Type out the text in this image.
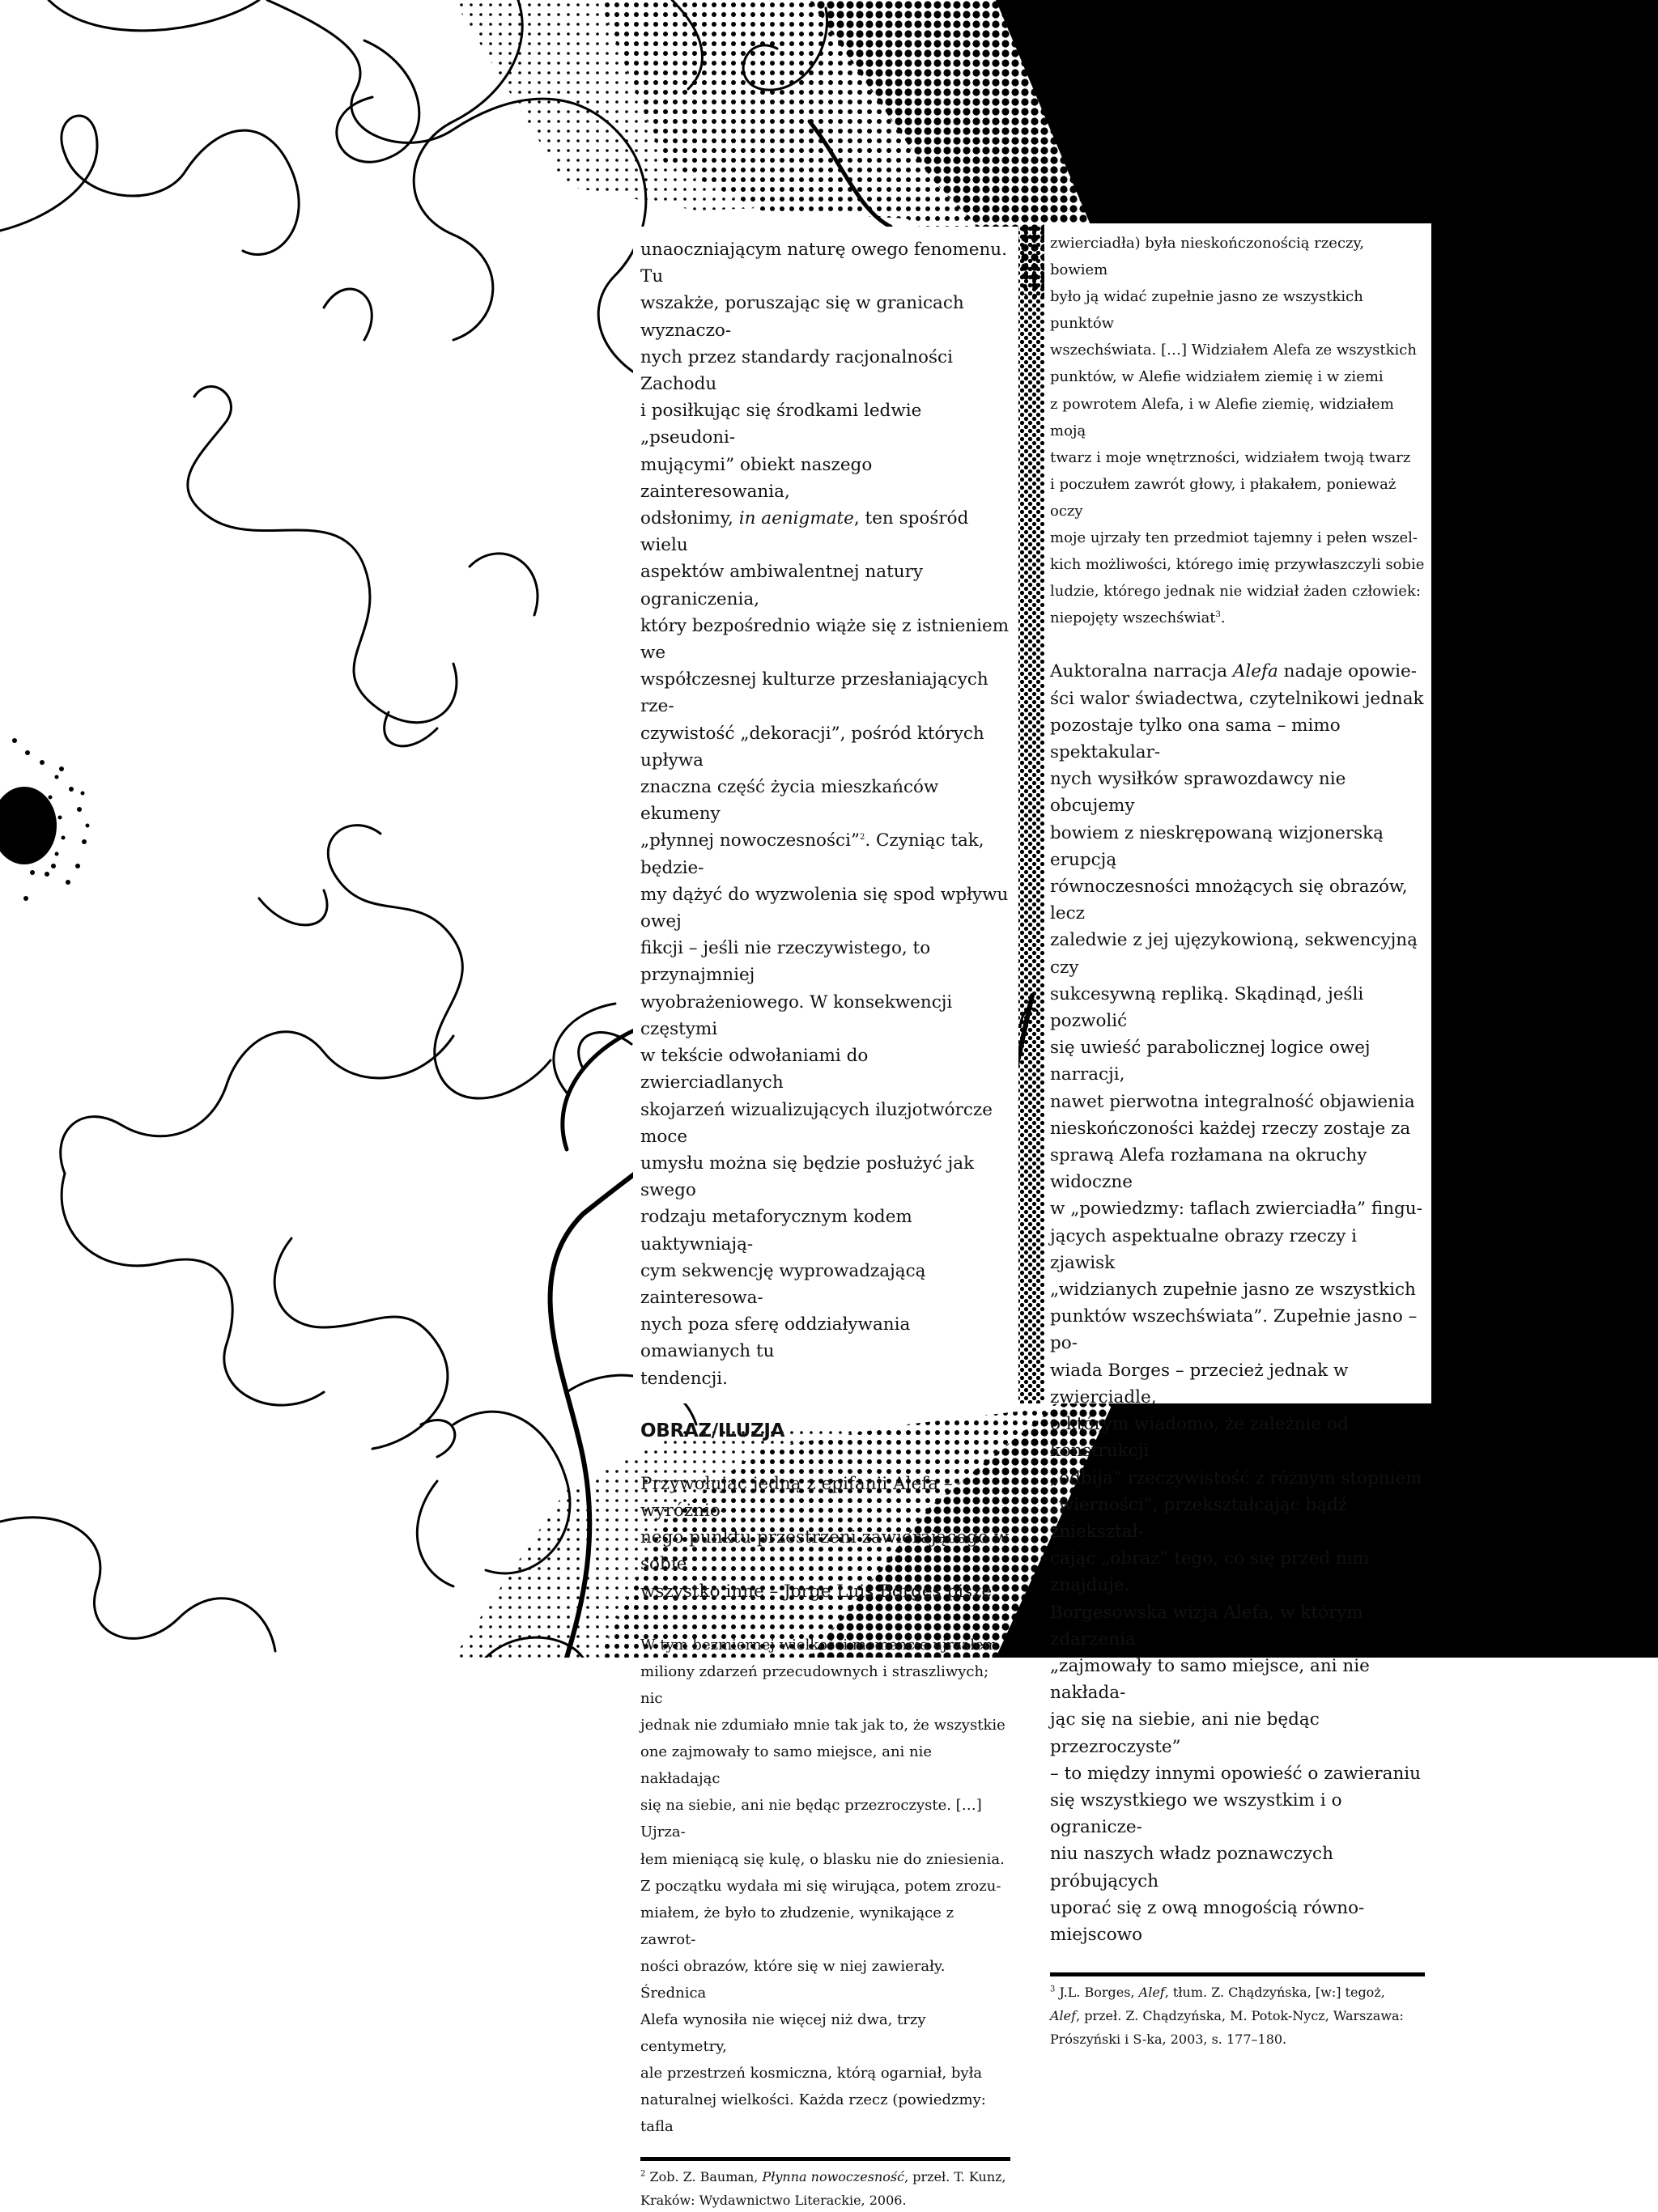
unaoczniającym naturę owego fenomenu. Tu
wszakże, poruszając się w granicach wyznaczo-
nych przez standardy racjonalności Zachodu
i posiłkując się środkami ledwie „pseudoni-
mującymi” obiekt naszego zainteresowania,
odsłonimy, in aenigmate, ten spośród wielu
aspektów ambiwalentnej natury ograniczenia,
który bezpośrednio wiąże się z istnieniem we
współczesnej kulturze przesłaniających rze-
czywistość „dekoracji”, pośród których upływa
znaczna część życia mieszkańców ekumeny
„płynnej nowoczesności”$^2$. Czyniąc tak, będzie-
my dążyć do wyzwolenia się spod wpływu owej
fikcji – jeśli nie rzeczywistego, to przynajmniej
wyobrażeniowego. W konsekwencji częstymi
w tekście odwołaniami do zwierciadlanych
skojarzeń wizualizujących iluzjotwórcze moce
umysłu można się będzie posłużyć jak swego
rodzaju metaforycznym kodem uaktywniają-
cym sekwencję wyprowadzającą zainteresowa-
nych poza sferę oddziaływania omawianych tu
tendencji.

OBRAZ/ILUZJA

Przywołując jedną z epifanii Alefa – wyróżnio-
nego punktu przestrzeni zawierającego w sobie
wszystko inne – Jorge Luis Borges pisze:

W tym bezmiernej wielkości momencie ujrzałem
miliony zdarzeń przecudownych i straszliwych; nic
jednak nie zdumiało mnie tak jak to, że wszystkie
one zajmowały to samo miejsce, ani nie nakładając
się na siebie, ani nie będąc przezroczyste. […] Ujrza-
łem mieniącą się kulę, o blasku nie do zniesienia.
Z początku wydała mi się wirująca, potem zrozu-
miałem, że było to złudzenie, wynikające z zawrot-
ności obrazów, które się w niej zawierały. Średnica
Alefa wynosiła nie więcej niż dwa, trzy centymetry,
ale przestrzeń kosmiczna, którą ogarniał, była
naturalnej wielkości. Każda rzecz (powiedzmy: tafla

$^2$ Zob. Z. Bauman, Płynna nowoczesność, przeł. T. Kunz,
Kraków: Wydawnictwo Literackie, 2006.

zwierciadła) była nieskończonością rzeczy, bowiem
było ją widać zupełnie jasno ze wszystkich punktów
wszechświata. […] Widziałem Alefa ze wszystkich
punktów, w Alefie widziałem ziemię i w ziemi
z powrotem Alefa, i w Alefie ziemię, widziałem moją
twarz i moje wnętrzności, widziałem twoją twarz
i poczułem zawrót głowy, i płakałem, ponieważ oczy
moje ujrzały ten przedmiot tajemny i pełen wszel-
kich możliwości, którego imię przywłaszczyli sobie
ludzie, którego jednak nie widział żaden człowiek:
niepojęty wszechświat$^3$.

Auktoralna narracja Alefa nadaje opowie-
ści walor świadectwa, czytelnikowi jednak
pozostaje tylko ona sama – mimo spektakular-
nych wysiłków sprawozdawcy nie obcujemy
bowiem z nieskrępowaną wizjonerską erupcją
równoczesności mnożących się obrazów, lecz
zaledwie z jej ujęzykowioną, sekwencyjną czy
sukcesywną repliką. Skądinąd, jeśli pozwolić
się uwieść parabolicznej logice owej narracji,
nawet pierwotna integralność objawienia
nieskończoności każdej rzeczy zostaje za
sprawą Alefa rozłamana na okruchy widoczne
w „powiedzmy: taflach zwierciadła” fingu-
jących aspektualne obrazy rzeczy i zjawisk
„widzianych zupełnie jasno ze wszystkich
punktów wszechświata”. Zupełnie jasno – po-
wiada Borges – przecież jednak w zwierciadle,
o którym wiadomo, że zależnie od konstrukcji
„odbija” rzeczywistość z różnym stopniem
„wierności”, przekształcając bądź zniekształ-
cając „obraz” tego, co się przed nim znajduje.
Borgesowska wizja Alefa, w którym zdarzenia
„zajmowały to samo miejsce, ani nie nakłada-
jąc się na siebie, ani nie będąc przezroczyste”
– to między innymi opowieść o zawieraniu
się wszystkiego we wszystkim i o ogranicze-
niu naszych władz poznawczych próbujących
uporać się z ową mnogością równo-miejscowo

$^3$ J.L. Borges, Alef, tłum. Z. Chądzyńska, [w:] tegoż,
Alef, przeł. Z. Chądzyńska, M. Potok-Nycz, Warszawa:
Prószyński i S-ka, 2003, s. 177–180.
